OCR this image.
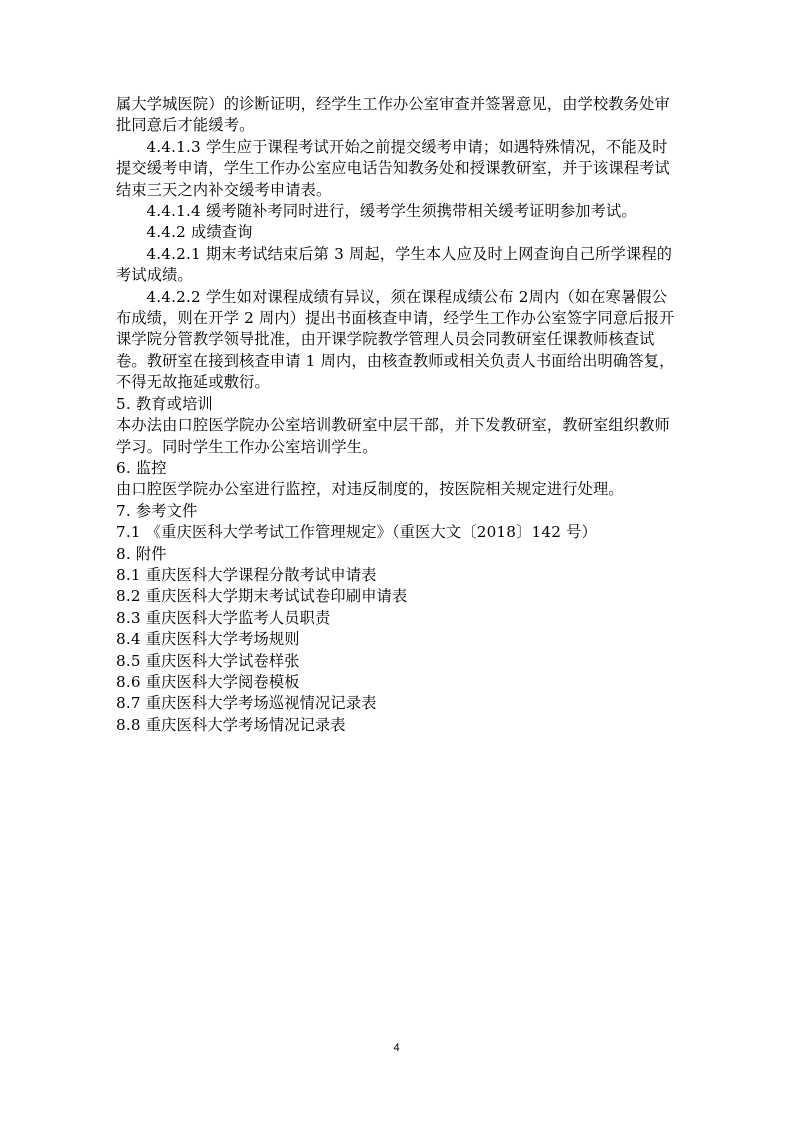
属大学城医院）的诊断证明，经学生工作办公室审查并签署意见，由学校教务处审批同意后才能缓考。

4.4.1.3 学生应于课程考试开始之前提交缓考申请；如遇特殊情况，不能及时提交缓考申请，学生工作办公室应电话告知教务处和授课教研室，并于该课程考试结束三天之内补交缓考申请表。

4.4.1.4 缓考随补考同时进行，缓考学生须携带相关缓考证明参加考试。

4.4.2 成绩查询

4.4.2.1 期末考试结束后第 3 周起，学生本人应及时上网查询自己所学课程的考试成绩。

4.4.2.2 学生如对课程成绩有异议，须在课程成绩公布 2周内（如在寒暑假公布成绩，则在开学 2 周内）提出书面核查申请，经学生工作办公室签字同意后报开课学院分管教学领导批准，由开课学院教学管理人员会同教研室任课教师核查试卷。教研室在接到核查申请 1 周内，由核查教师或相关负责人书面给出明确答复，不得无故拖延或敷衍。

5. 教育或培训

本办法由口腔医学院办公室培训教研室中层干部，并下发教研室，教研室组织教师学习。同时学生工作办公室培训学生。

6. 监控

由口腔医学院办公室进行监控，对违反制度的，按医院相关规定进行处理。

7. 参考文件

7.1 《重庆医科大学考试工作管理规定》（重医大文〔2018〕142 号）

8. 附件

8.1 重庆医科大学课程分散考试申请表

8.2 重庆医科大学期末考试试卷印刷申请表

8.3 重庆医科大学监考人员职责

8.4 重庆医科大学考场规则

8.5 重庆医科大学试卷样张

8.6 重庆医科大学阅卷模板

8.7 重庆医科大学考场巡视情况记录表

8.8 重庆医科大学考场情况记录表

4
